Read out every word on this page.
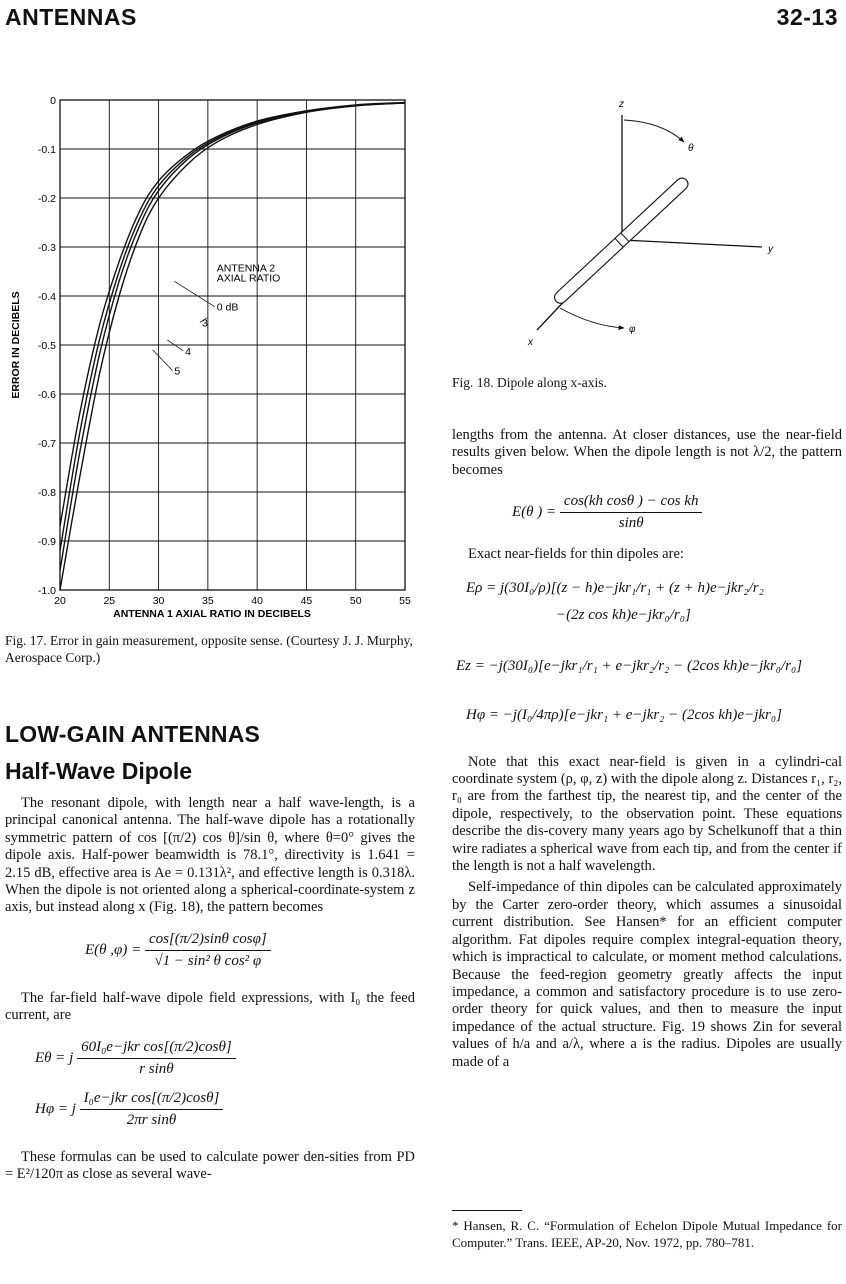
ANTENNAS	32-13
20	25	30	35	40	45	50	55
0
-0.1
-0.2
-0.3
-0.4
-0.5
-0.6
-0.7
-0.8
-0.9
-1.0
ANTENNA 2
AXIAL RATIO
0 dB
3
4
5
ANTENNA 1 AXIAL RATIO IN DECIBELS
ERROR IN DECIBELS

Fig. 17. Error in gain measurement, opposite sense. (Courtesy J. J. Murphy, Aerospace Corp.)

LOW-GAIN ANTENNAS
Half-Wave Dipole

The resonant dipole, with length near a half wave-length, is a principal canonical antenna. The half-wave dipole has a rotationally symmetric pattern of cos [(π/2) cos θ]/sin θ, where θ=0° gives the dipole axis. Half-power beamwidth is 78.1°, directivity is 1.641 = 2.15 dB, effective area is Ae = 0.131λ², and effective length is 0.318λ. When the dipole is not oriented along a spherical-coordinate-system z axis, but instead along x (Fig. 18), the pattern becomes

E(θ $,\varphi) = \frac{\text{cos[(π/2)sinθ cosφ]}}{\text{√1 − sin² θ cos² φ}}$

The far-field half-wave dipole field expressions, with I₀ the feed current, are

Eθ = j $\frac{\text{60I₀e−jkr cos[(π/2)cosθ]}}{\text{r sinθ}}$
Hφ = j $\frac{\text{I₀e−jkr cos[(π/2)cosθ]}}{\text{2πr sinθ}}$

These formulas can be used to calculate power den-sities from PD = E²/120π as close as several wave-

z
θ
y
x
φ

Fig. 18. Dipole along x-axis.

lengths from the antenna. At closer distances, use the near-field results given below. When the dipole length is not λ/2, the pattern becomes

E(θ ) = $\frac{\text{cos(kh cosθ ) − cos kh}}{\sin\theta}$

Exact near-fields for thin dipoles are:

Eρ = j(30I₀/ρ)[(z − h)e−jkr₁/r₁ + (z + h)e−jkr₂/r₂
−(2z cos kh)e−jkr₀/r₀]
Ez = −j(30I₀)[e−jkr₁/r₁ + e−jkr₂/r₂ − (2cos kh)e−jkr₀/r₀]
Hφ = −j(I₀/4πρ)[e−jkr₁ + e−jkr₂ − (2cos kh)e−jkr₀]

Note that this exact near-field is given in a cylindri-cal coordinate system (ρ, φ, z) with the dipole along z. Distances r₁, r₂, r₀ are from the farthest tip, the nearest tip, and the center of the dipole, respectively, to the observation point. These equations describe the dis-covery many years ago by Schelkunoff that a thin wire radiates a spherical wave from each tip, and from the center if the length is not a half wavelength.

Self-impedance of thin dipoles can be calculated approximately by the Carter zero-order theory, which assumes a sinusoidal current distribution. See Hansen* for an efficient computer algorithm. Fat dipoles require complex integral-equation theory, which is impractical to calculate, or moment method calculations. Because the feed-region geometry greatly affects the input impedance, a common and satisfactory procedure is to use zero-order theory for quick values, and then to measure the input impedance of the actual structure. Fig. 19 shows Zin for several values of h/a and a/λ, where a is the radius. Dipoles are usually made of a

* Hansen, R. C. “Formulation of Echelon Dipole Mutual Impedance for Computer.” Trans. IEEE, AP-20, Nov. 1972, pp. 780–781.
